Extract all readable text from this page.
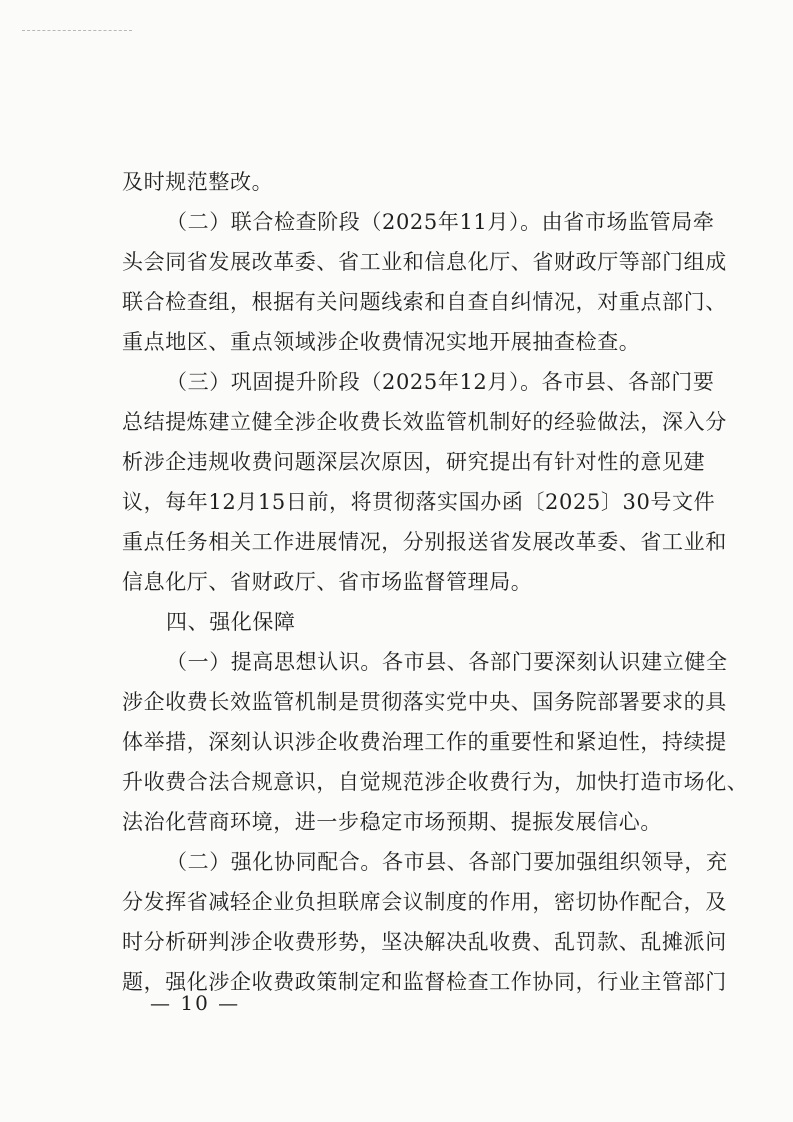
及时规范整改。
（二）联合检查阶段（2025年11月）。由省市场监管局牵
头会同省发展改革委、省工业和信息化厅、省财政厅等部门组成
联合检查组，根据有关问题线索和自查自纠情况，对重点部门、
重点地区、重点领域涉企收费情况实地开展抽查检查。
（三）巩固提升阶段（2025年12月）。各市县、各部门要
总结提炼建立健全涉企收费长效监管机制好的经验做法，深入分
析涉企违规收费问题深层次原因，研究提出有针对性的意见建
议，每年12月15日前，将贯彻落实国办函〔2025〕30号文件
重点任务相关工作进展情况，分别报送省发展改革委、省工业和
信息化厅、省财政厅、省市场监督管理局。
四、强化保障
（一）提高思想认识。各市县、各部门要深刻认识建立健全
涉企收费长效监管机制是贯彻落实党中央、国务院部署要求的具
体举措，深刻认识涉企收费治理工作的重要性和紧迫性，持续提
升收费合法合规意识，自觉规范涉企收费行为，加快打造市场化、
法治化营商环境，进一步稳定市场预期、提振发展信心。
（二）强化协同配合。各市县、各部门要加强组织领导，充
分发挥省减轻企业负担联席会议制度的作用，密切协作配合，及
时分析研判涉企收费形势，坚决解决乱收费、乱罚款、乱摊派问
题，强化涉企收费政策制定和监督检查工作协同，行业主管部门
— 10 —
